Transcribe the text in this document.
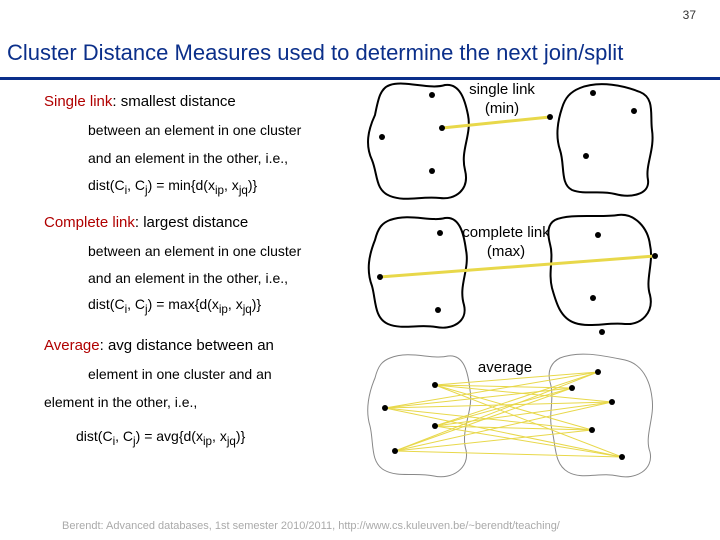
37
Cluster Distance Measures used to determine the next join/split
Single link: smallest distance
between an element in one cluster
and an element in the other, i.e.,
$dist(C_i$, $C_j) = \min\{d(x_{ip}$, $x_{jq}$)}
Complete link: largest distance
between an element in one cluster
and an element in the other, i.e.,
$dist(C_i$, $C_j) = \max\{d(x_{ip}$, $x_{jq}$)}
Average: avg distance between an
element in one cluster and an
element in the other, i.e.,
$dist(C_i$, $C_j) = avg\{d(x_{ip}$, $x_{jq}$)}
single link
(min)
complete link
(max)
average
Berendt: Advanced databases, 1st semester 2010/2011, http://www.cs.kuleuven.be/~berendt/teaching/
